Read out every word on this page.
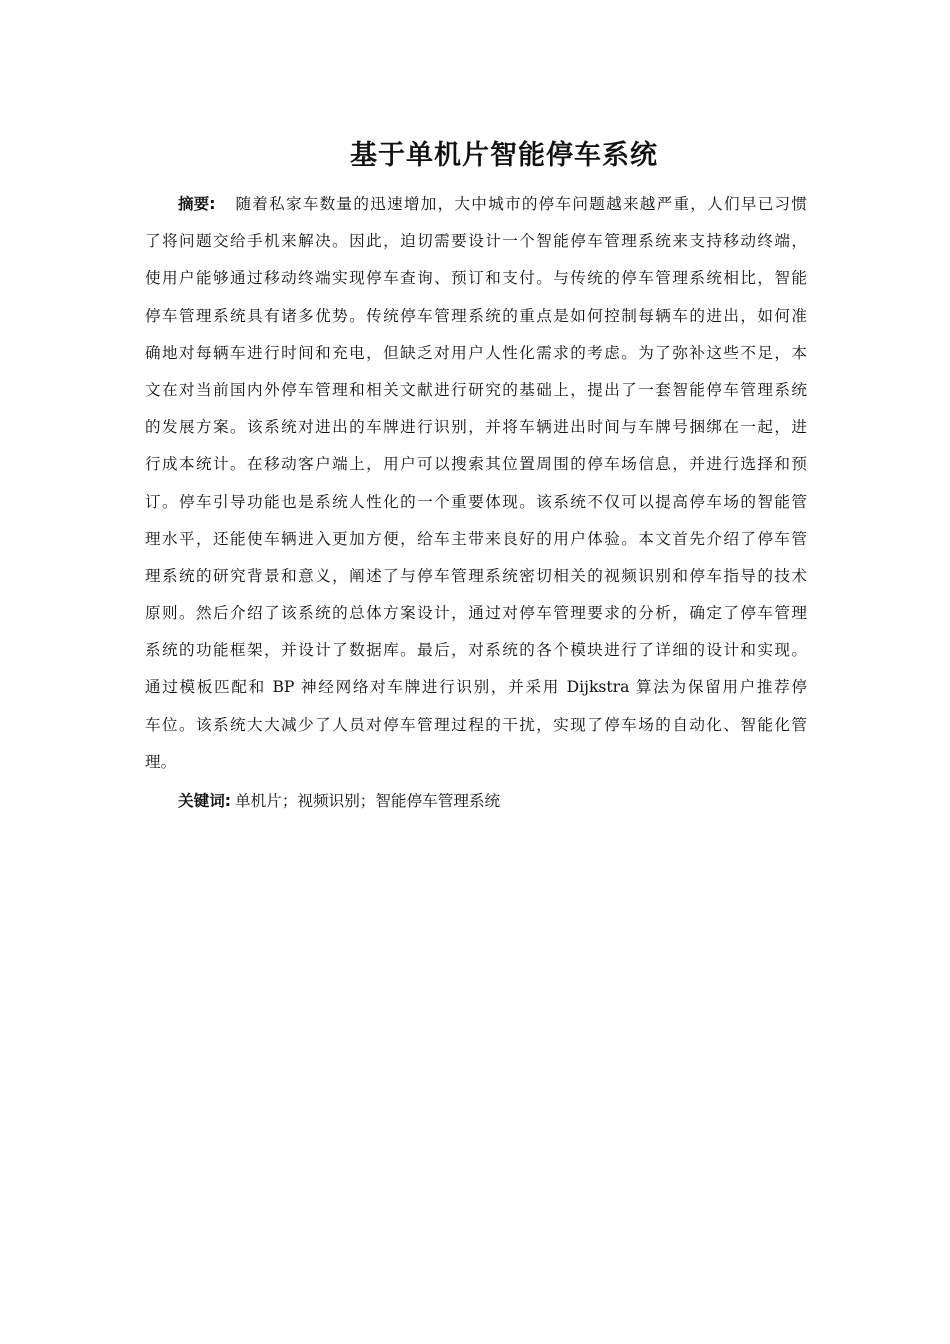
基于单机片智能停车系统
摘要: 随着私家车数量的迅速增加，大中城市的停车问题越来越严重，人们早已习惯
了将问题交给手机来解决。因此，迫切需要设计一个智能停车管理系统来支持移动终端，
使用户能够通过移动终端实现停车查询、预订和支付。与传统的停车管理系统相比，智能
停车管理系统具有诸多优势。传统停车管理系统的重点是如何控制每辆车的进出，如何准
确地对每辆车进行时间和充电，但缺乏对用户人性化需求的考虑。为了弥补这些不足，本
文在对当前国内外停车管理和相关文献进行研究的基础上，提出了一套智能停车管理系统
的发展方案。该系统对进出的车牌进行识别，并将车辆进出时间与车牌号捆绑在一起，进
行成本统计。在移动客户端上，用户可以搜索其位置周围的停车场信息，并进行选择和预
订。停车引导功能也是系统人性化的一个重要体现。该系统不仅可以提高停车场的智能管
理水平，还能使车辆进入更加方便，给车主带来良好的用户体验。本文首先介绍了停车管
理系统的研究背景和意义，阐述了与停车管理系统密切相关的视频识别和停车指导的技术
原则。然后介绍了该系统的总体方案设计，通过对停车管理要求的分析，确定了停车管理
系统的功能框架，并设计了数据库。最后，对系统的各个模块进行了详细的设计和实现。
通过模板匹配和 BP 神经网络对车牌进行识别，并采用 Dijkstra 算法为保留用户推荐停
车位。该系统大大减少了人员对停车管理过程的干扰，实现了停车场的自动化、智能化管
理。
关键词: 单机片；视频识别；智能停车管理系统
